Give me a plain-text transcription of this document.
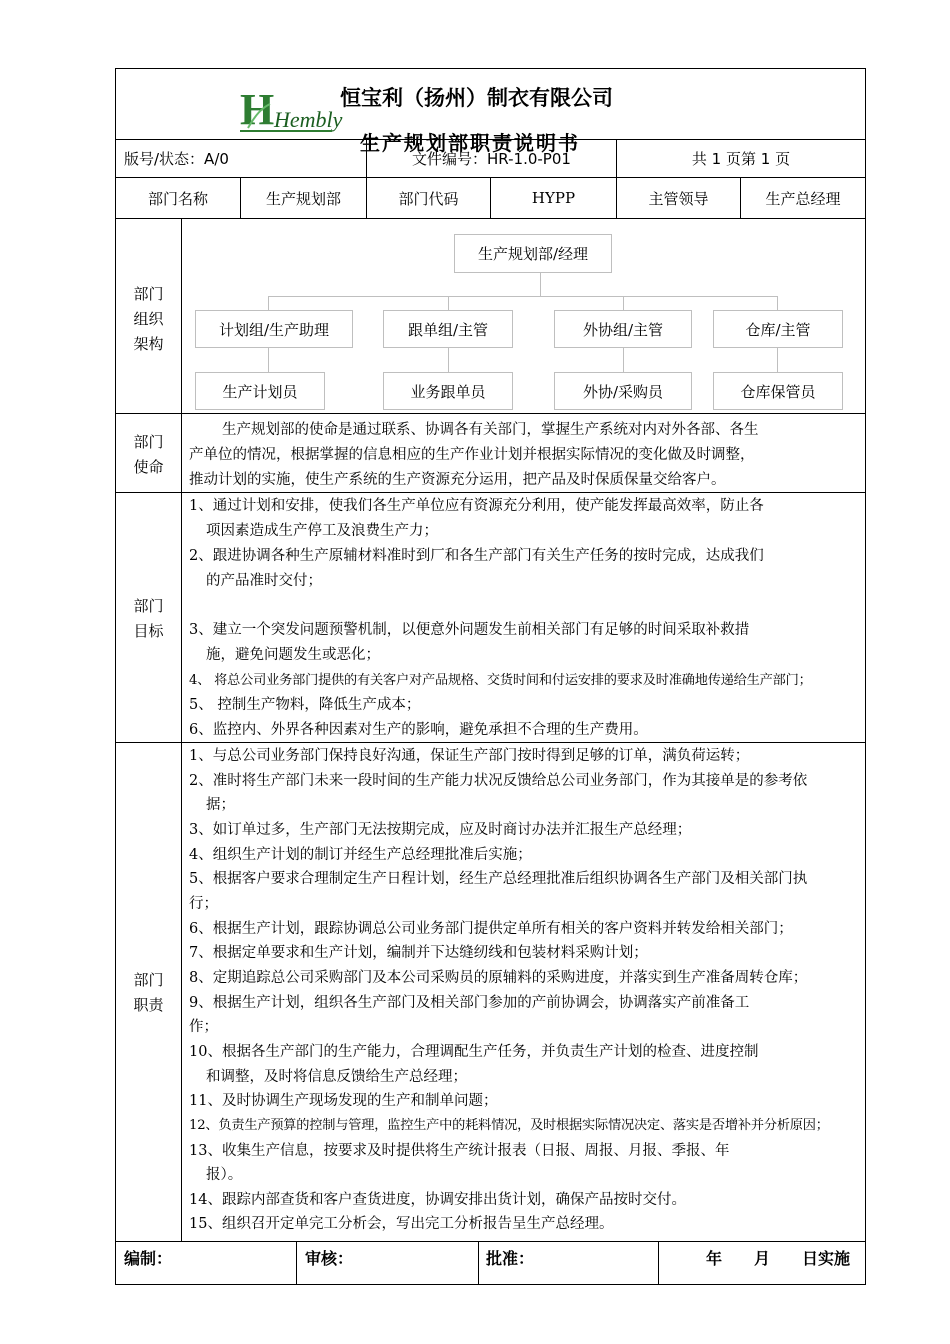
H Hembly
恒宝利（扬州）制衣有限公司
生产规划部职责说明书
版号/状态：A/0	文件编号：HR-1.0-P01	共 1 页第 1 页
部门名称	生产规划部	部门代码	HYPP	主管领导	生产总经理
部门
组织
架构
生产规划部/经理
计划组/生产助理	跟单组/主管	外协组/主管	仓库/主管
生产计划员	业务跟单员	外协/采购员	仓库保管员
部门
使命
生产规划部的使命是通过联系、协调各有关部门，掌握生产系统对内对外各部、各生
产单位的情况，根据掌握的信息相应的生产作业计划并根据实际情况的变化做及时调整，
推动计划的实施，使生产系统的生产资源充分运用，把产品及时保质保量交给客户。
部门
目标
1、通过计划和安排，使我们各生产单位应有资源充分利用，使产能发挥最高效率，防止各
项因素造成生产停工及浪费生产力；
2、跟进协调各种生产原辅材料准时到厂和各生产部门有关生产任务的按时完成，达成我们
的产品准时交付；
3、建立一个突发问题预警机制，以便意外问题发生前相关部门有足够的时间采取补救措
施，避免问题发生或恶化；
4、 将总公司业务部门提供的有关客户对产品规格、交货时间和付运安排的要求及时准确地传递给生产部门；
5、 控制生产物料，降低生产成本；
6、监控内、外界各种因素对生产的影响，避免承担不合理的生产费用。
部门
职责
1、与总公司业务部门保持良好沟通，保证生产部门按时得到足够的订单，满负荷运转；
2、准时将生产部门未来一段时间的生产能力状况反馈给总公司业务部门，作为其接单是的参考依
据；
3、如订单过多，生产部门无法按期完成，应及时商讨办法并汇报生产总经理；
4、组织生产计划的制订并经生产总经理批准后实施；
5、根据客户要求合理制定生产日程计划，经生产总经理批准后组织协调各生产部门及相关部门执
行；
6、根据生产计划，跟踪协调总公司业务部门提供定单所有相关的客户资料并转发给相关部门；
7、根据定单要求和生产计划，编制并下达缝纫线和包装材料采购计划；
8、定期追踪总公司采购部门及本公司采购员的原辅料的采购进度，并落实到生产准备周转仓库；
9、根据生产计划，组织各生产部门及相关部门参加的产前协调会，协调落实产前准备工
作；
10、根据各生产部门的生产能力，合理调配生产任务，并负责生产计划的检查、进度控制
和调整，及时将信息反馈给生产总经理；
11、及时协调生产现场发现的生产和制单问题；
12、负责生产预算的控制与管理，监控生产中的耗料情况，及时根据实际情况决定、落实是否增补并分析原因；
13、收集生产信息，按要求及时提供将生产统计报表（日报、周报、月报、季报、年
报）。
14、跟踪内部查货和客户查货进度，协调安排出货计划，确保产品按时交付。
15、组织召开定单完工分析会，写出完工分析报告呈生产总经理。
编制：	审核：	批准：	年　　月　　日实施
